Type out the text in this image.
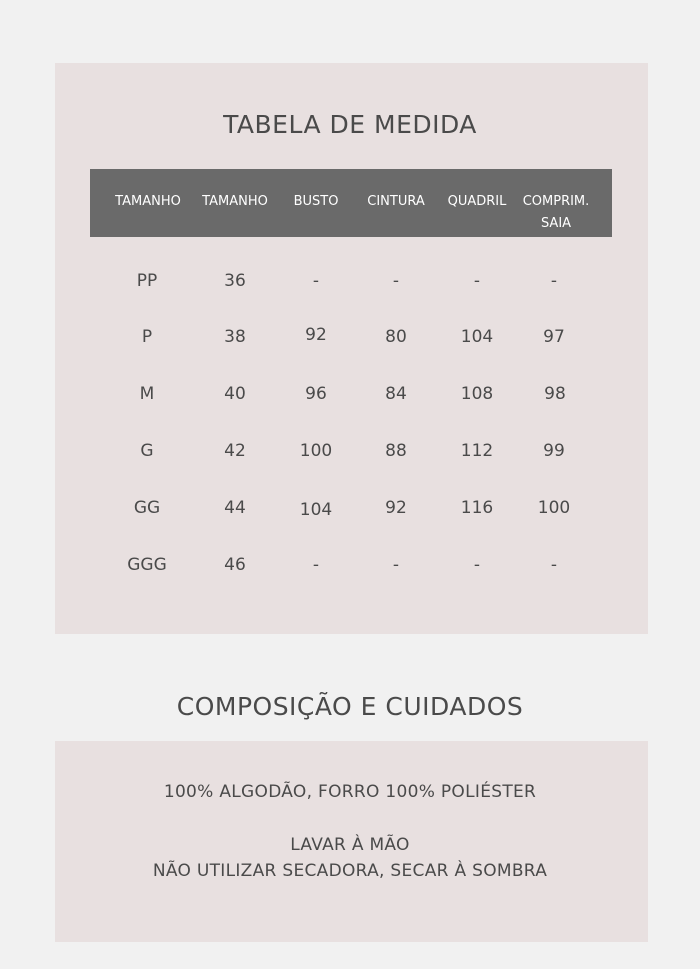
TABELA DE MEDIDA
TAMANHO TAMANHO BUSTO CINTURA QUADRIL COMPRIM.
SAIA
PP	36	-	-	-	-
P	38	92	80	104	97
M	40	96	84	108	98
G	42	100	88	112	99
GG	44	104	92	116	100
GGG	46	-	-	-	-
COMPOSIÇÃO E CUIDADOS
100% ALGODÃO, FORRO 100% POLIÉSTER
LAVAR À MÃO
NÃO UTILIZAR SECADORA, SECAR À SOMBRA
